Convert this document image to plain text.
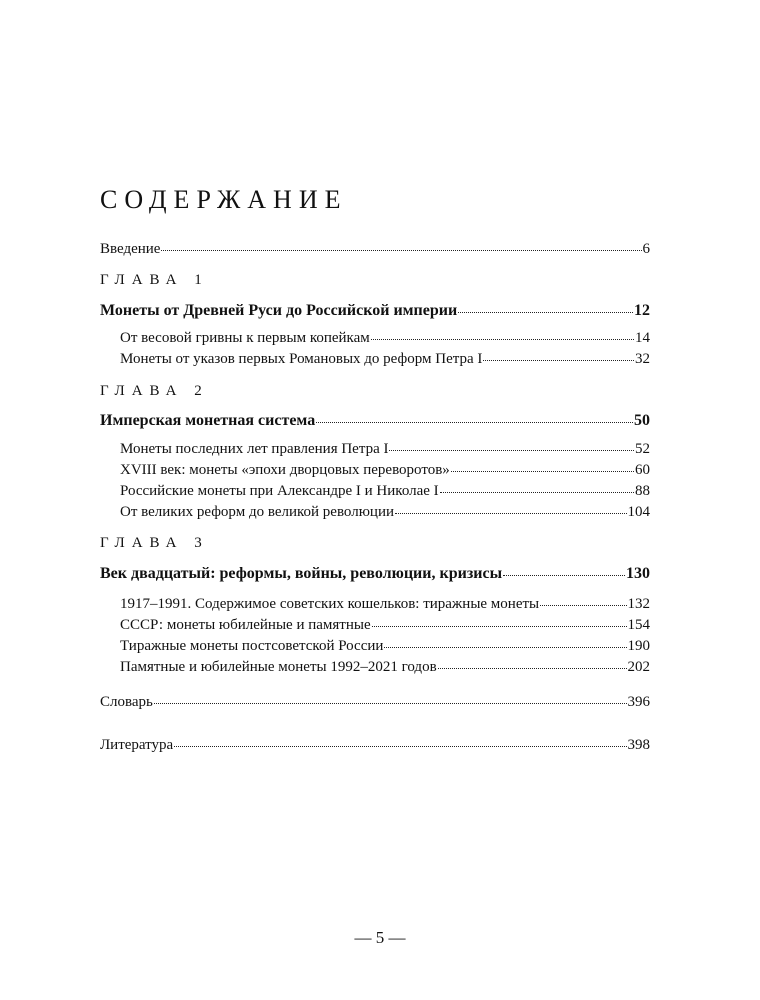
СОДЕРЖАНИЕ
Введение	6
ГЛАВА 1
Монеты от Древней Руси до Российской империи	12
От весовой гривны к первым копейкам	14
Монеты от указов первых Романовых до реформ Петра I	32
ГЛАВА 2
Имперская монетная система	50
Монеты последних лет правления Петра I	52
XVIII век: монеты «эпохи дворцовых переворотов»	60
Российские монеты при Александре I и Николае I	88
От великих реформ до великой революции	104
ГЛАВА 3
Век двадцатый: реформы, войны, революции, кризисы	130
1917–1991. Содержимое советских кошельков: тиражные монеты	132
СССР: монеты юбилейные и памятные	154
Тиражные монеты постсоветской России	190
Памятные и юбилейные монеты 1992–2021 годов	202
Словарь	396
Литература	398
— 5 —
